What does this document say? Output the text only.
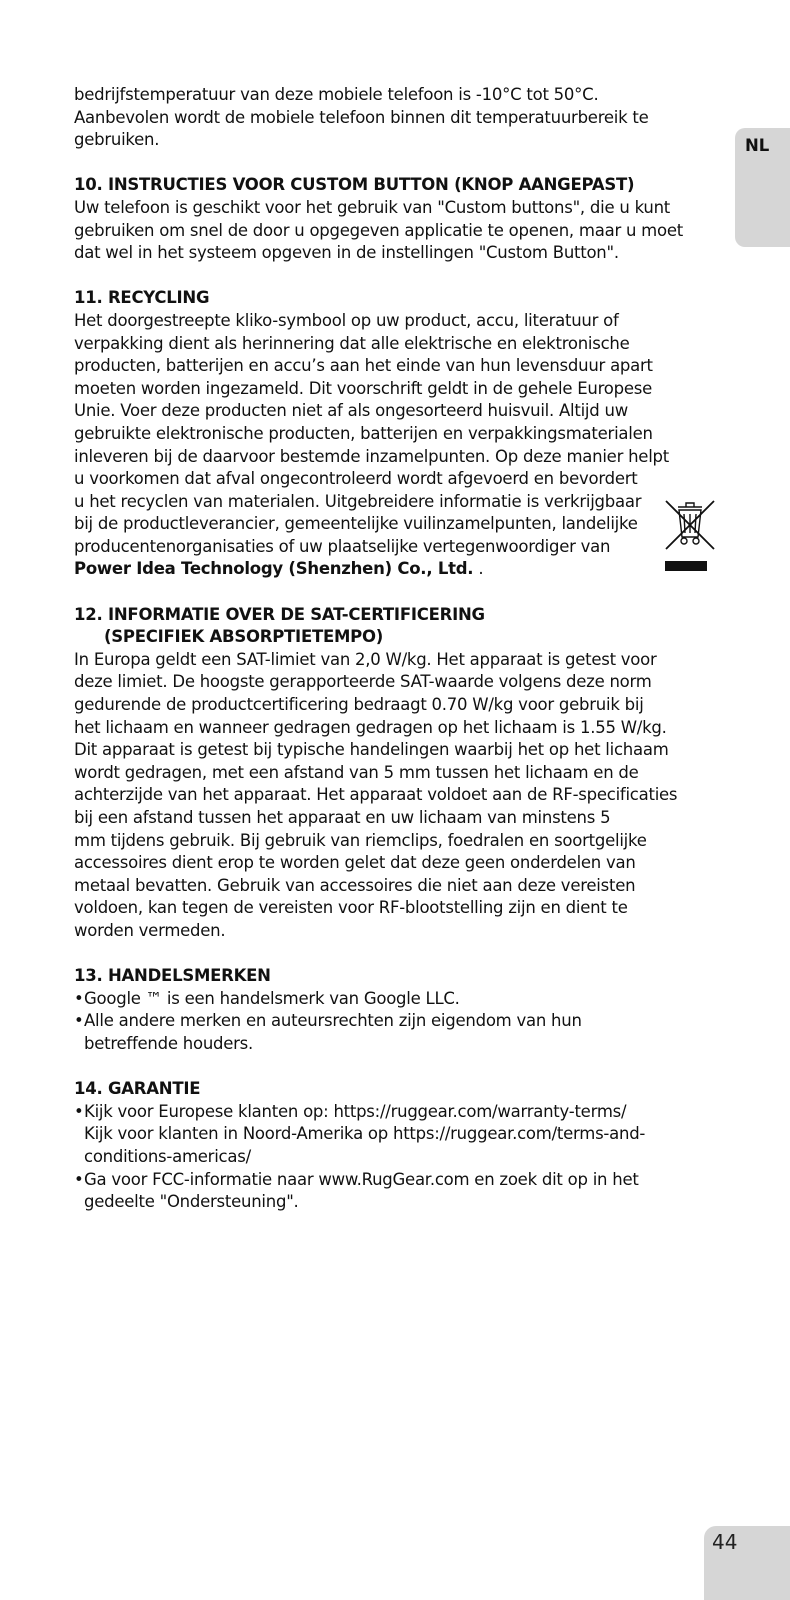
NL

bedrijfstemperatuur van deze mobiele telefoon is -10°C tot 50°C.

Aanbevolen wordt de mobiele telefoon binnen dit temperatuurbereik te

gebruiken.

10. INSTRUCTIES VOOR CUSTOM BUTTON (KNOP AANGEPAST)

Uw telefoon is geschikt voor het gebruik van "Custom buttons", die u kunt

gebruiken om snel de door u opgegeven applicatie te openen, maar u moet

dat wel in het systeem opgeven in de instellingen "Custom Button".

11. RECYCLING

Het doorgestreepte kliko-symbool op uw product, accu, literatuur of

verpakking dient als herinnering dat alle elektrische en elektronische

producten, batterijen en accu’s aan het einde van hun levensduur apart

moeten worden ingezameld. Dit voorschrift geldt in de gehele Europese

Unie. Voer deze producten niet af als ongesorteerd huisvuil. Altijd uw

gebruikte elektronische producten, batterijen en verpakkingsmaterialen

inleveren bij de daarvoor bestemde inzamelpunten. Op deze manier helpt

u voorkomen dat afval ongecontroleerd wordt afgevoerd en bevordert

u het recyclen van materialen. Uitgebreidere informatie is verkrijgbaar

bij de productleverancier, gemeentelijke vuilinzamelpunten, landelijke

producentenorganisaties of uw plaatselijke vertegenwoordiger van

Power Idea Technology (Shenzhen) Co., Ltd. .

12. INFORMATIE OVER DE SAT-CERTIFICERING

(SPECIFIEK ABSORPTIETEMPO)

In Europa geldt een SAT-limiet van 2,0 W/kg. Het apparaat is getest voor

deze limiet. De hoogste gerapporteerde SAT-waarde volgens deze norm

gedurende de productcertificering bedraagt 0.70 W/kg voor gebruik bij

het lichaam en wanneer gedragen gedragen op het lichaam is 1.55 W/kg.

Dit apparaat is getest bij typische handelingen waarbij het op het lichaam

wordt gedragen, met een afstand van 5 mm tussen het lichaam en de

achterzijde van het apparaat. Het apparaat voldoet aan de RF-specificaties

bij een afstand tussen het apparaat en uw lichaam van minstens 5

mm tijdens gebruik. Bij gebruik van riemclips, foedralen en soortgelijke

accessoires dient erop te worden gelet dat deze geen onderdelen van

metaal bevatten. Gebruik van accessoires die niet aan deze vereisten

voldoen, kan tegen de vereisten voor RF-blootstelling zijn en dient te

worden vermeden.

13. HANDELSMERKEN

• Google ™ is een handelsmerk van Google LLC.

• Alle andere merken en auteursrechten zijn eigendom van hun

betreffende houders.

14. GARANTIE

• Kijk voor Europese klanten op: https://ruggear.com/warranty-terms/

Kijk voor klanten in Noord-Amerika op https://ruggear.com/terms-and-

conditions-americas/

• Ga voor FCC-informatie naar www.RugGear.com en zoek dit op in het

gedeelte "Ondersteuning".

44
